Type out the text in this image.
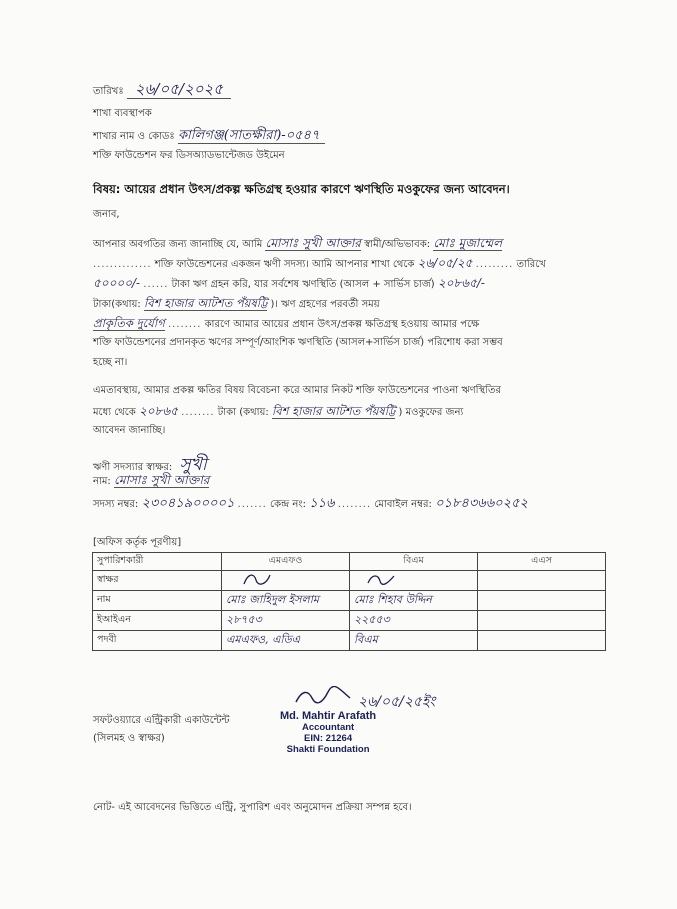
তারিখঃ ২৬/০৫/২০২৫
শাখা ব্যবস্থাপক
শাখার নাম ও কোডঃ কালিগঞ্জ(সাতক্ষীরা)-০৫৪৭
শক্তি ফাউন্ডেশন ফর ডিসঅ্যাডভান্টেজড উইমেন
বিষয়: আয়ের প্রধান উৎস/প্রকল্প ক্ষতিগ্রস্থ হওয়ার কারণে ঋণস্থিতি মওকুফের জন্য আবেদন।
জনাব,
আপনার অবগতির জন্য জানাচ্ছি যে, আমি মোসাঃ সুখী আক্তার স্বামী/অভিভাবক: মোঃ মুজাম্মেল
.............. শক্তি ফাউন্ডেশনের একজন ঋণী সদস্য। আমি আপনার শাখা থেকে ২৬/০৫/২৫ ......... তারিখে
৫০০০০/- ...... টাকা ঋণ গ্রহন করি, যার সর্বশেষ ঋণস্থিতি (আসল + সার্ভিস চার্জ) ২০৮৬৫/-
টাকা(কথায়: বিশ হাজার আটশত পঁয়ষট্টি )। ঋণ গ্রহণের পরবর্তী সময়
প্রাকৃতিক দুর্যোগ ........ কারণে আমার আয়ের প্রধান উৎস/প্রকল্প ক্ষতিগ্রস্থ হওয়ায় আমার পক্ষে
শক্তি ফাউন্ডেশনের প্রদানকৃত ঋণের সম্পূর্ণ/আংশিক ঋণস্থিতি (আসল+সার্ভিস চার্জ) পরিশোধ করা সম্ভব
হচ্ছে না।
এমতাবস্থায়, আমার প্রকল্প ক্ষতির বিষয় বিবেচনা করে আমার নিকট শক্তি ফাউন্ডেশনের পাওনা ঋণস্থিতির
মধ্যে থেকে ২০৮৬৫ ........ টাকা (কথায়: বিশ হাজার আটশত পঁয়ষট্টি ) মওকুফের জন্য
আবেদন জানাচ্ছি।
ঋণী সদস্যার স্বাক্ষর: সুখী
নাম: মোসাঃ সুখী আক্তার
সদস্য নম্বর: ২৩০৪১৯০০০০১ ....... কেন্দ্র নং: ১১৬ ........ মোবাইল নম্বর: ০১৮৪৩৬৬০২৫২
[অফিস কর্তৃক পূরণীয়]
সুপারিশকারী	এমএফও	বিএম	এএস
স্বাক্ষর			
নাম	মোঃ জাহিদুল ইসলাম	মোঃ শিহাব উদ্দিন	
ইআইএন	২৮৭৫৩	২২৫৫৩	
পদবী	এমএফও, এডিএ	বিএম	
২৬/০৫/২৫ইং
সফটওয়্যারে এন্ট্রিকারী একাউন্টেন্ট
(সিলমহ ও স্বাক্ষর)
Md. Mahtir Arafath
Accountant
EIN: 21264
Shakti Foundation
নোট- এই আবেদনের ভিত্তিতে এন্ট্রি, সুপারিশ এবং অনুমোদন প্রক্রিয়া সম্পন্ন হবে।
